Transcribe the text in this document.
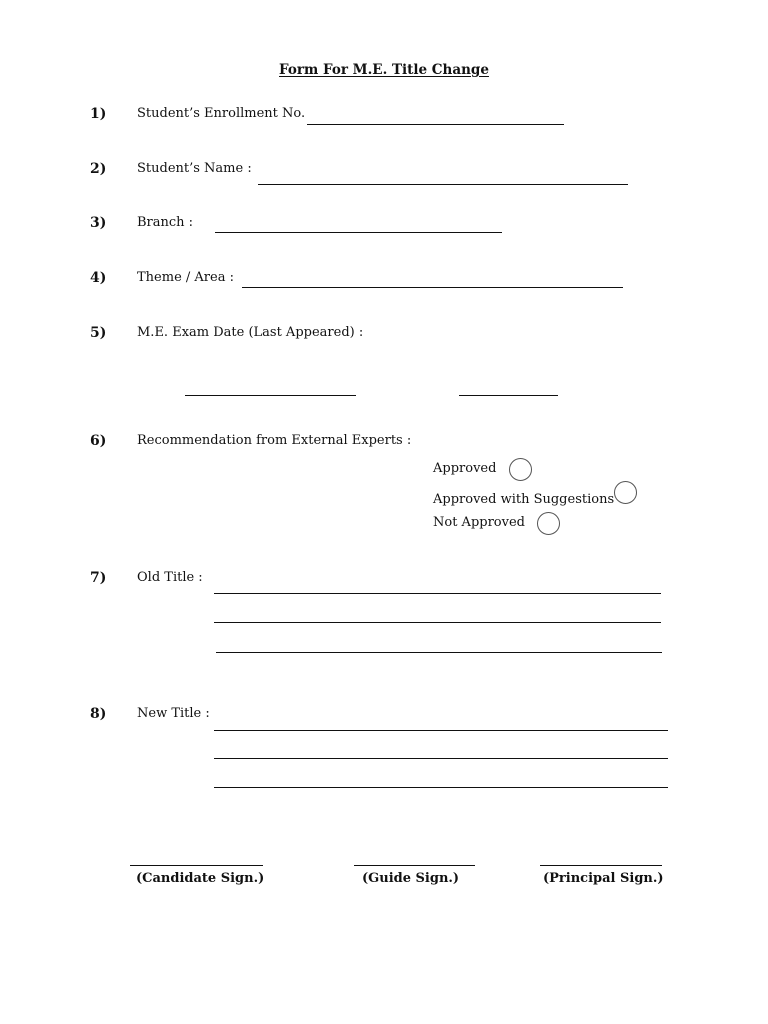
Form For M.E. Title Change
1) Student’s Enrollment No.
2) Student’s Name :
3) Branch :
4) Theme / Area :
5) M.E. Exam Date (Last Appeared) :
6) Recommendation from External Experts :
Approved
Approved with Suggestions
Not Approved
7) Old Title :
8) New Title :
(Candidate Sign.)	(Guide Sign.)	(Principal Sign.)
